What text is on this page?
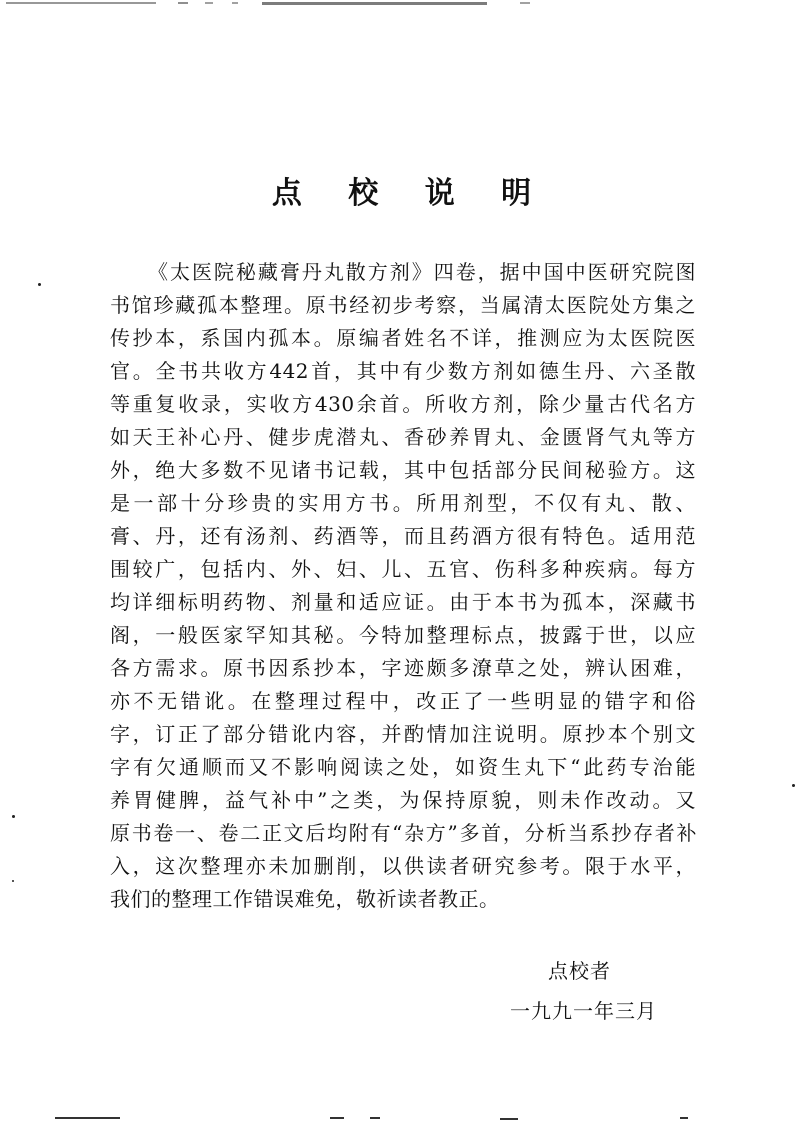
点 校 说 明
《太医院秘藏膏丹丸散方剂》四卷，据中国中医研究院图
书馆珍藏孤本整理。原书经初步考察，当属清太医院处方集之
传抄本，系国内孤本。原编者姓名不详，推测应为太医院医
官。全书共收方442首，其中有少数方剂如德生丹、六圣散
等重复收录，实收方430余首。所收方剂，除少量古代名方
如天王补心丹、健步虎潜丸、香砂养胃丸、金匮肾气丸等方
外，绝大多数不见诸书记载，其中包括部分民间秘验方。这
是一部十分珍贵的实用方书。所用剂型，不仅有丸、散、
膏、丹，还有汤剂、药酒等，而且药酒方很有特色。适用范
围较广，包括内、外、妇、儿、五官、伤科多种疾病。每方
均详细标明药物、剂量和适应证。由于本书为孤本，深藏书
阁，一般医家罕知其秘。今特加整理标点，披露于世，以应
各方需求。原书因系抄本，字迹颇多潦草之处，辨认困难，
亦不无错讹。在整理过程中，改正了一些明显的错字和俗
字，订正了部分错讹内容，并酌情加注说明。原抄本个别文
字有欠通顺而又不影响阅读之处，如资生丸下“此药专治能
养胃健脾，益气补中”之类，为保持原貌，则未作改动。又
原书卷一、卷二正文后均附有“杂方”多首，分析当系抄存者补
入，这次整理亦未加删削，以供读者研究参考。限于水平，
我们的整理工作错误难免，敬祈读者教正。
点校者
一九九一年三月
